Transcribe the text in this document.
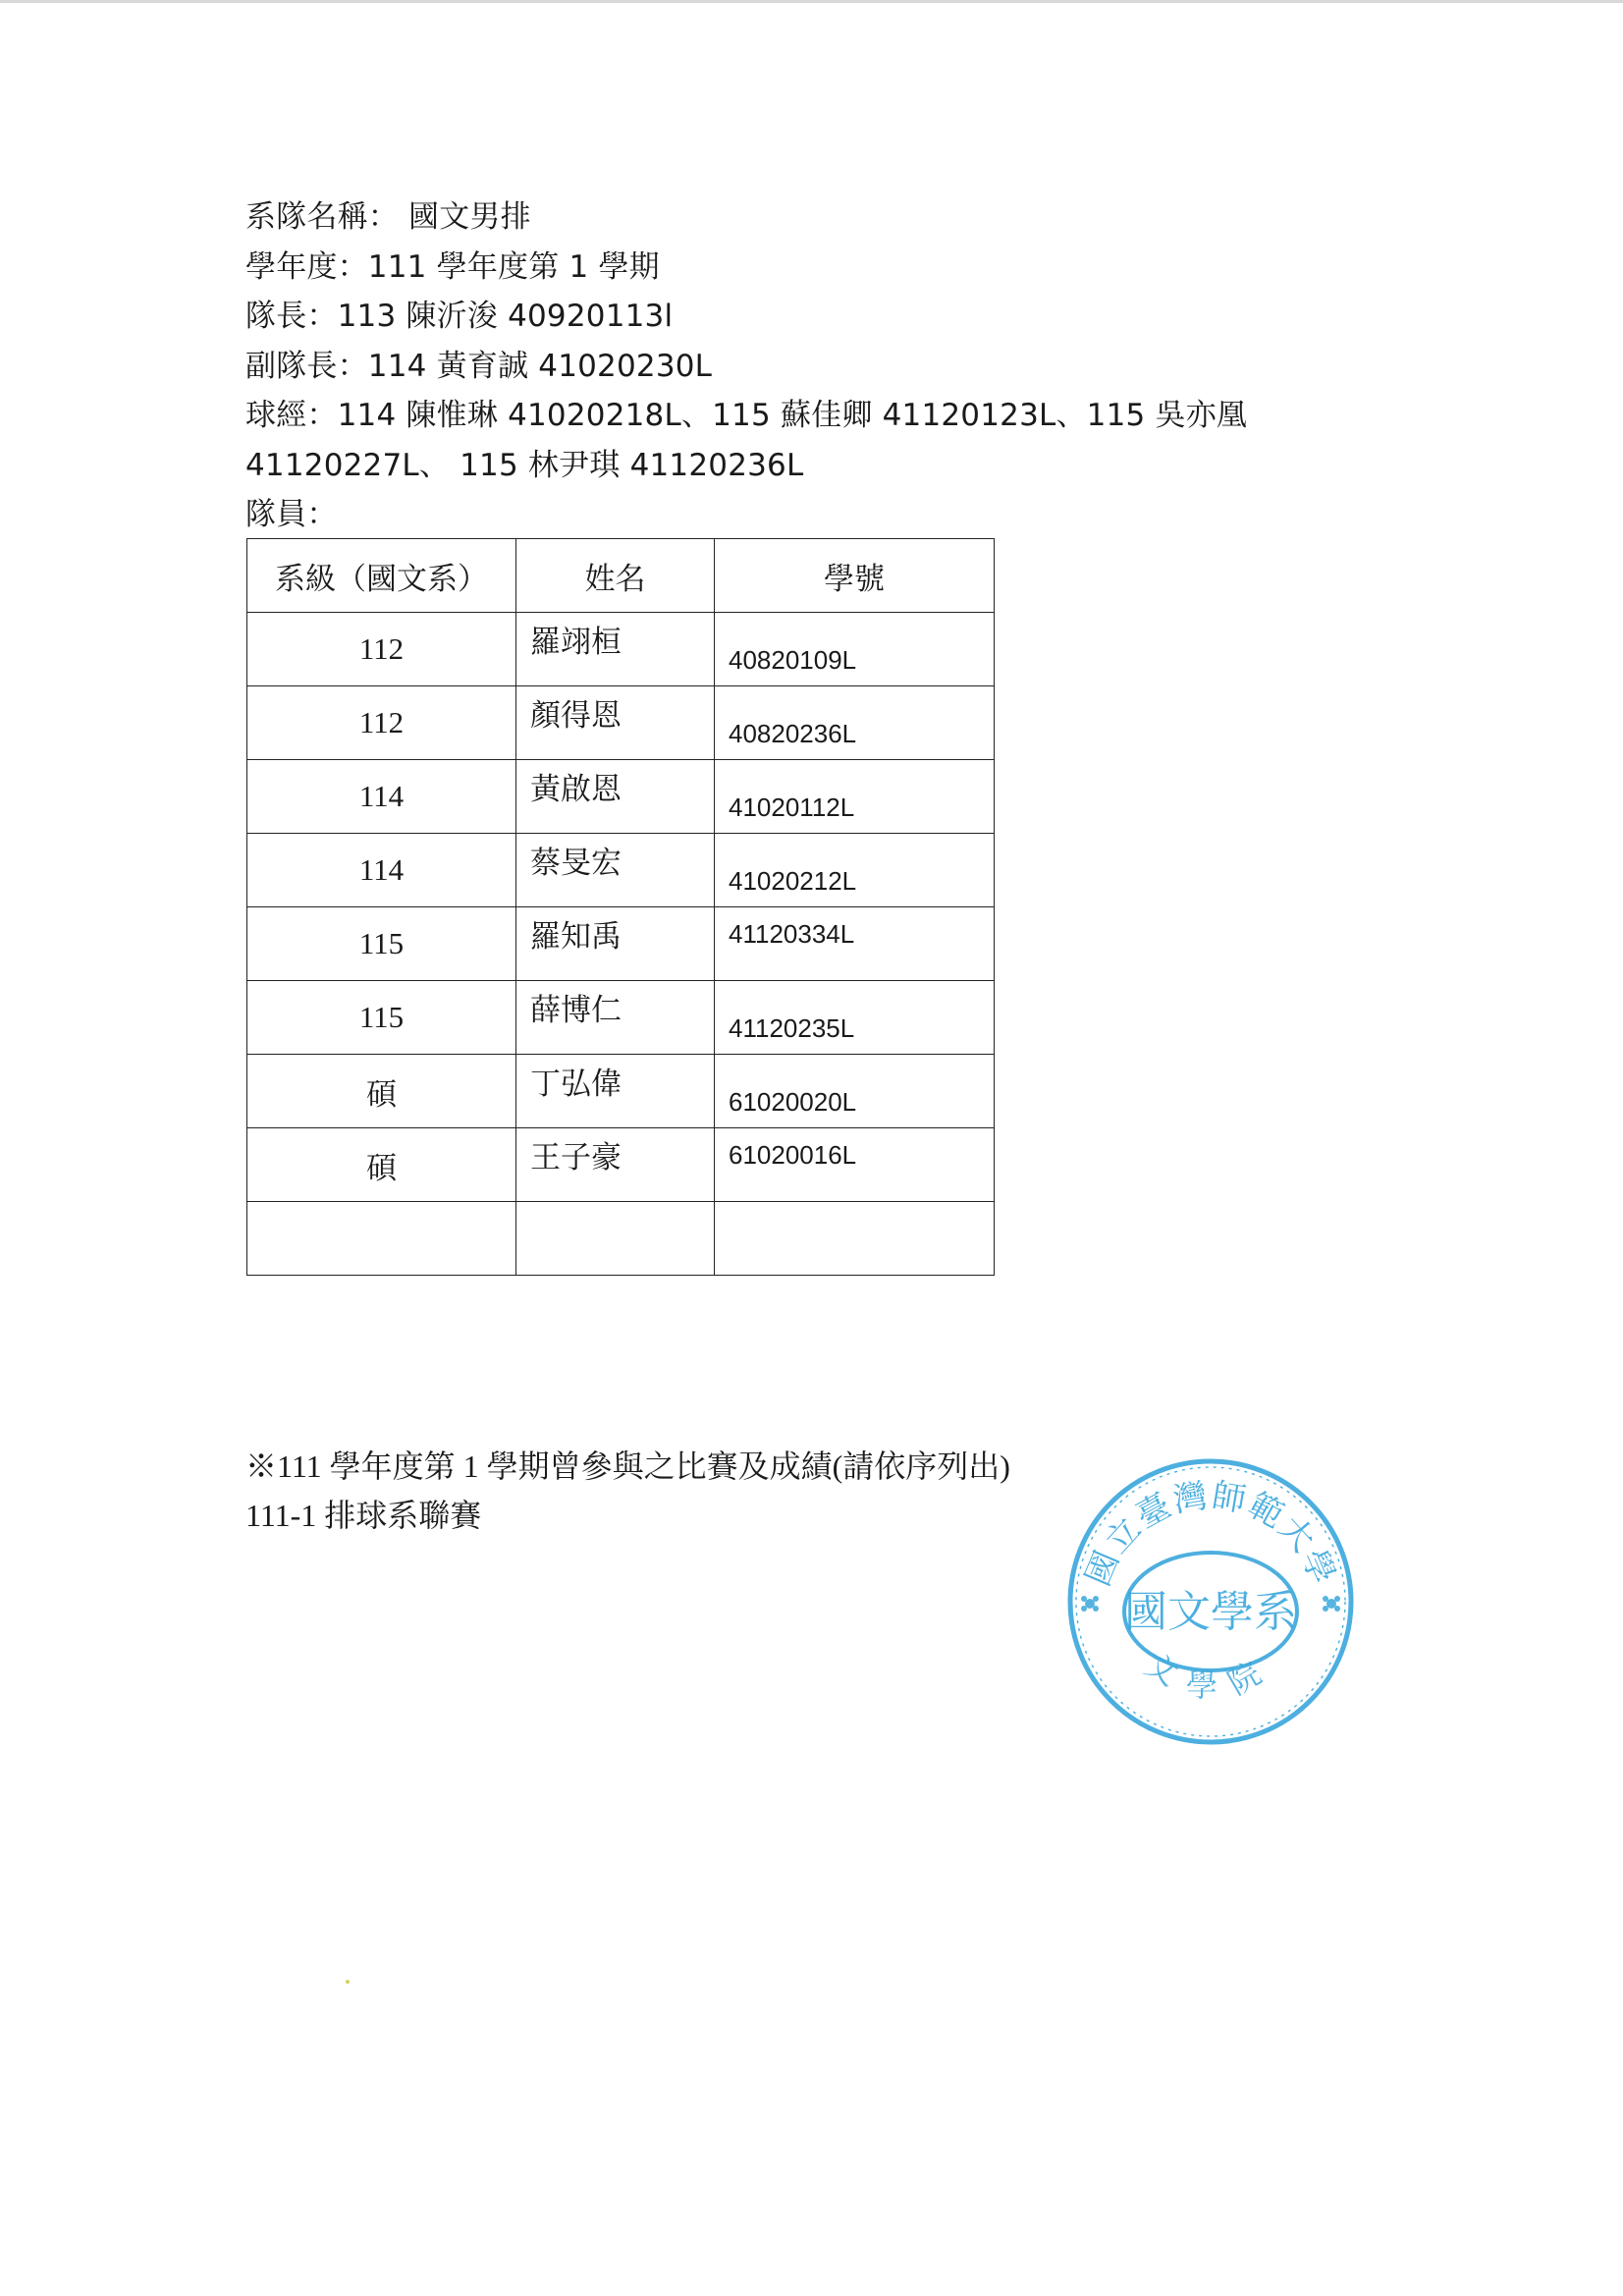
系隊名稱： 國文男排
學年度：111 學年度第 1 學期
隊長：113 陳沂浚 40920113l
副隊長：114 黃育誠 41020230L
球經：114 陳惟琳 41020218L、115 蘇佳卿 41120123L、115 吳亦凰
41120227L、 115 林尹琪 41120236L
隊員：
系級（國文系）	姓名	學號
112	羅翊桓	40820109L

112	顏得恩	40820236L

114	黃啟恩	41020112L

114	蔡旻宏	41020212L

115	羅知禹	41120334L

115	薛博仁	41120235L

碩	丁弘偉	61020020L

碩	王子豪	61020016L

※111 學年度第 1 學期曾參與之比賽及成績(請依序列出)
111-1 排球系聯賽
國立臺灣師範大學
國文學系
文學院
